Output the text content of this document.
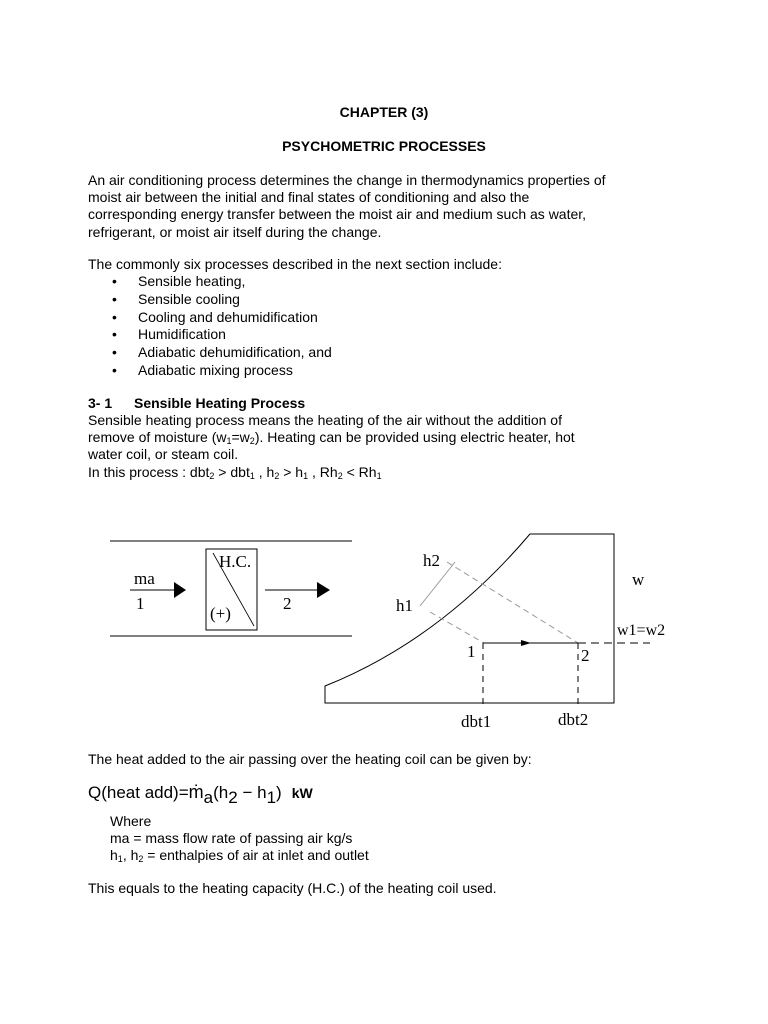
CHAPTER (3)
PSYCHOMETRIC PROCESSES
An air conditioning process determines the change in thermodynamics properties of
moist air between the initial and final states of conditioning and also the
corresponding energy transfer between the moist air and medium such as water,
refrigerant, or moist air itself during the change.
The commonly six processes described in the next section include:
• Sensible heating,
• Sensible cooling
• Cooling and dehumidification
• Humidification
• Adiabatic dehumidification, and
• Adiabatic mixing process
3- 1 Sensible Heating Process
Sensible heating process means the heating of the air without the addition of
remove of moisture $(w_1=w_2)$. Heating can be provided using electric heater, hot
water coil, or steam coil.
In this process : dbt$_2$ > dbt$_1$ , $h_2 > h_1$ , $Rh_2 < Rh_1$
H.C.
(+)
ma
1	2
h2
h1
w
w1=w2
1	2
dbt1	dbt2
The heat added to the air passing over the heating coil can be given by:
Q(heat add)=ṁa(h2 − h1) kW
Where
ma = mass flow rate of passing air kg/s
$h_1$, $h_2$ = enthalpies of air at inlet and outlet
This equals to the heating capacity (H.C.) of the heating coil used.
